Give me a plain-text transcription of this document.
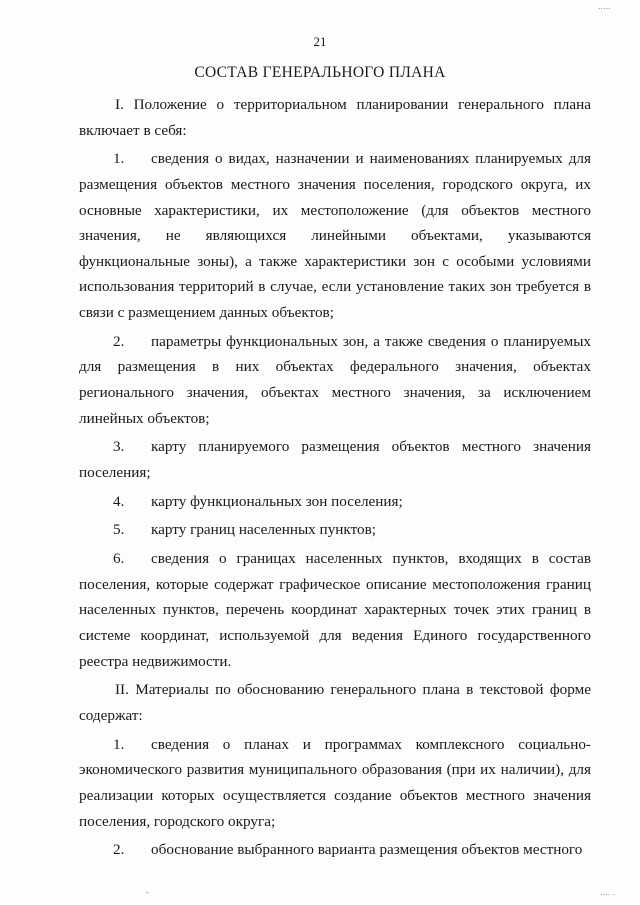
21
СОСТАВ ГЕНЕРАЛЬНОГО ПЛАНА

I. Положение о территориальном планировании генерального плана включает в себя:

1. сведения о видах, назначении и наименованиях планируемых для размещения объектов местного значения поселения, городского округа, их основные характеристики, их местоположение (для объектов местного значения, не являющихся линейными объектами, указываются функциональные зоны), а также характеристики зон с особыми условиями использования территорий в случае, если установление таких зон требуется в связи с размещением данных объектов;

2. параметры функциональных зон, а также сведения о планируемых для размещения в них объектах федерального значения, объектах регионального значения, объектах местного значения, за исключением линейных объектов;

3. карту планируемого размещения объектов местного значения поселения;

4. карту функциональных зон поселения;

5. карту границ населенных пунктов;

6. сведения о границах населенных пунктов, входящих в состав поселения, которые содержат графическое описание местоположения границ населенных пунктов, перечень координат характерных точек этих границ в системе координат, используемой для ведения Единого государственного реестра недвижимости.

II. Материалы по обоснованию генерального плана в текстовой форме содержат:

1. сведения о планах и программах комплексного социально-экономического развития муниципального образования (при их наличии), для реализации которых осуществляется создание объектов местного значения поселения, городского округа;

2. обоснование выбранного варианта размещения объектов местного

.....
-	.... .
